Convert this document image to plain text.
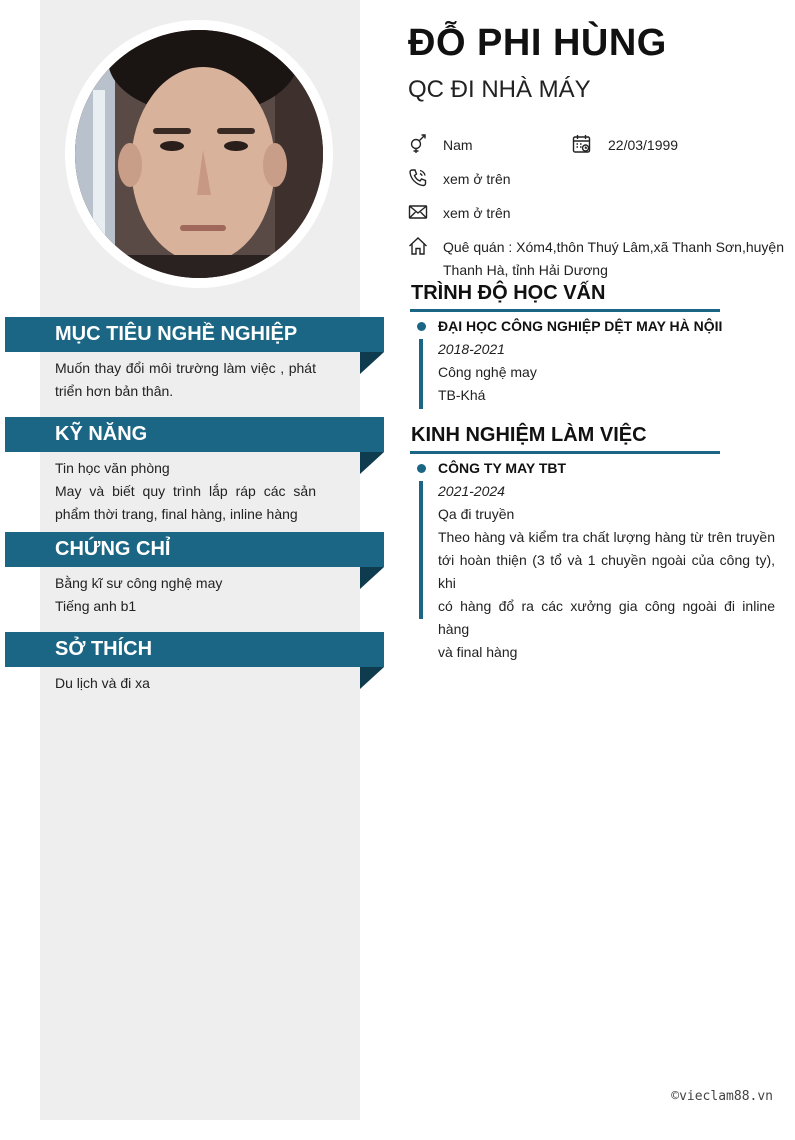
MỤC TIÊU NGHỀ NGHIỆP
Muốn thay đổi môi trường làm việc , phát
triển hơn bản thân.
KỸ NĂNG
Tin học văn phòng
May và biết quy trình lắp ráp các sản
phẩm thời trang, final hàng, inline hàng
CHỨNG CHỈ
Bằng kĩ sư công nghệ may
Tiếng anh b1
SỞ THÍCH
Du lịch và đi xa
ĐỖ PHI HÙNG
QC ĐI NHÀ MÁY
Nam	22/03/1999
xem ở trên
xem ở trên
Quê quán : Xóm4,thôn Thuý Lâm,xã Thanh Sơn,huyện
Thanh Hà, tỉnh Hải Dương
TRÌNH ĐỘ HỌC VẤN
ĐẠI HỌC CÔNG NGHIỆP DỆT MAY HÀ NỘII
2018-2021
Công nghệ may
TB-Khá
KINH NGHIỆM LÀM VIỆC
CÔNG TY MAY TBT
2021-2024
Qa đi truyền
Theo hàng và kiểm tra chất lượng hàng từ trên truyền
tới hoàn thiện (3 tổ và 1 chuyền ngoài của công ty), khi
có hàng đổ ra các xưởng gia công ngoài đi inline hàng
và final hàng
©vieclam88.vn
